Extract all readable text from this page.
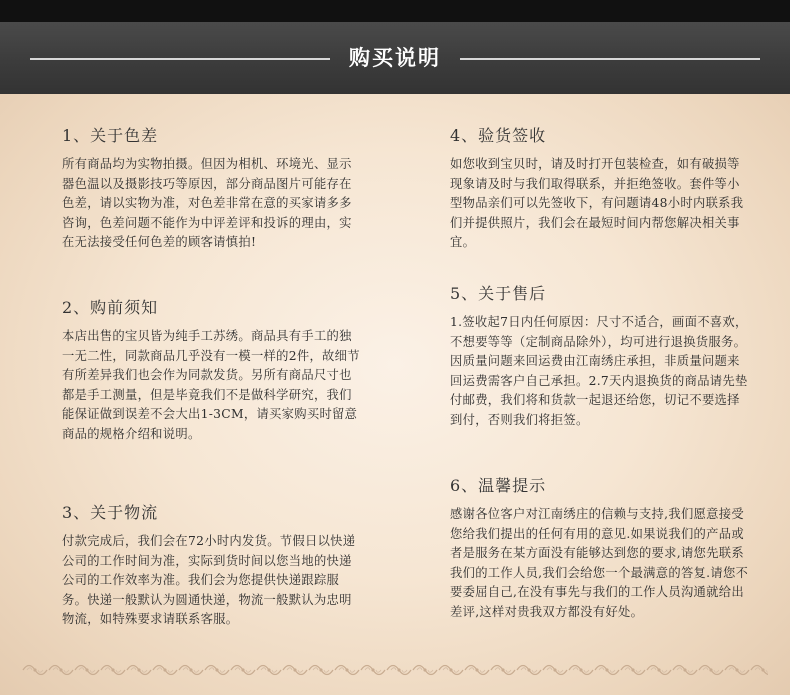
购买说明
1、关于色差

所有商品均为实物拍摄。但因为相机、环境光、显示器色温以及摄影技巧等原因，部分商品图片可能存在色差，请以实物为准，对色差非常在意的买家请多多咨询，色差问题不能作为中评差评和投诉的理由，实在无法接受任何色差的顾客请慎拍!

2、购前须知

本店出售的宝贝皆为纯手工苏绣。商品具有手工的独一无二性，同款商品几乎没有一模一样的2件，故细节有所差异我们也会作为同款发货。另所有商品尺寸也都是手工测量，但是毕竟我们不是做科学研究，我们能保证做到误差不会大出1-3CM，请买家购买时留意商品的规格介绍和说明。

3、关于物流

付款完成后，我们会在72小时内发货。节假日以快递公司的工作时间为准，实际到货时间以您当地的快递公司的工作效率为准。我们会为您提供快递跟踪服务。快递一般默认为圆通快递，物流一般默认为忠明物流，如特殊要求请联系客服。

4、验货签收

如您收到宝贝时，请及时打开包装检查，如有破损等现象请及时与我们取得联系，并拒绝签收。套件等小型物品亲们可以先签收下，有问题请48小时内联系我们并提供照片，我们会在最短时间内帮您解决相关事宜。

5、关于售后

1.签收起7日内任何原因：尺寸不适合，画面不喜欢，不想要等等（定制商品除外），均可进行退换货服务。因质量问题来回运费由江南绣庄承担，非质量问题来回运费需客户自己承担。2.7天内退换货的商品请先垫付邮费，我们将和货款一起退还给您，切记不要选择到付，否则我们将拒签。

6、温馨提示

感谢各位客户对江南绣庄的信赖与支持,我们愿意接受您给我们提出的任何有用的意见.如果说我们的产品或者是服务在某方面没有能够达到您的要求,请您先联系我们的工作人员,我们会给您一个最满意的答复.请您不要委屈自己,在没有事先与我们的工作人员沟通就给出差评,这样对贵我双方都没有好处。
